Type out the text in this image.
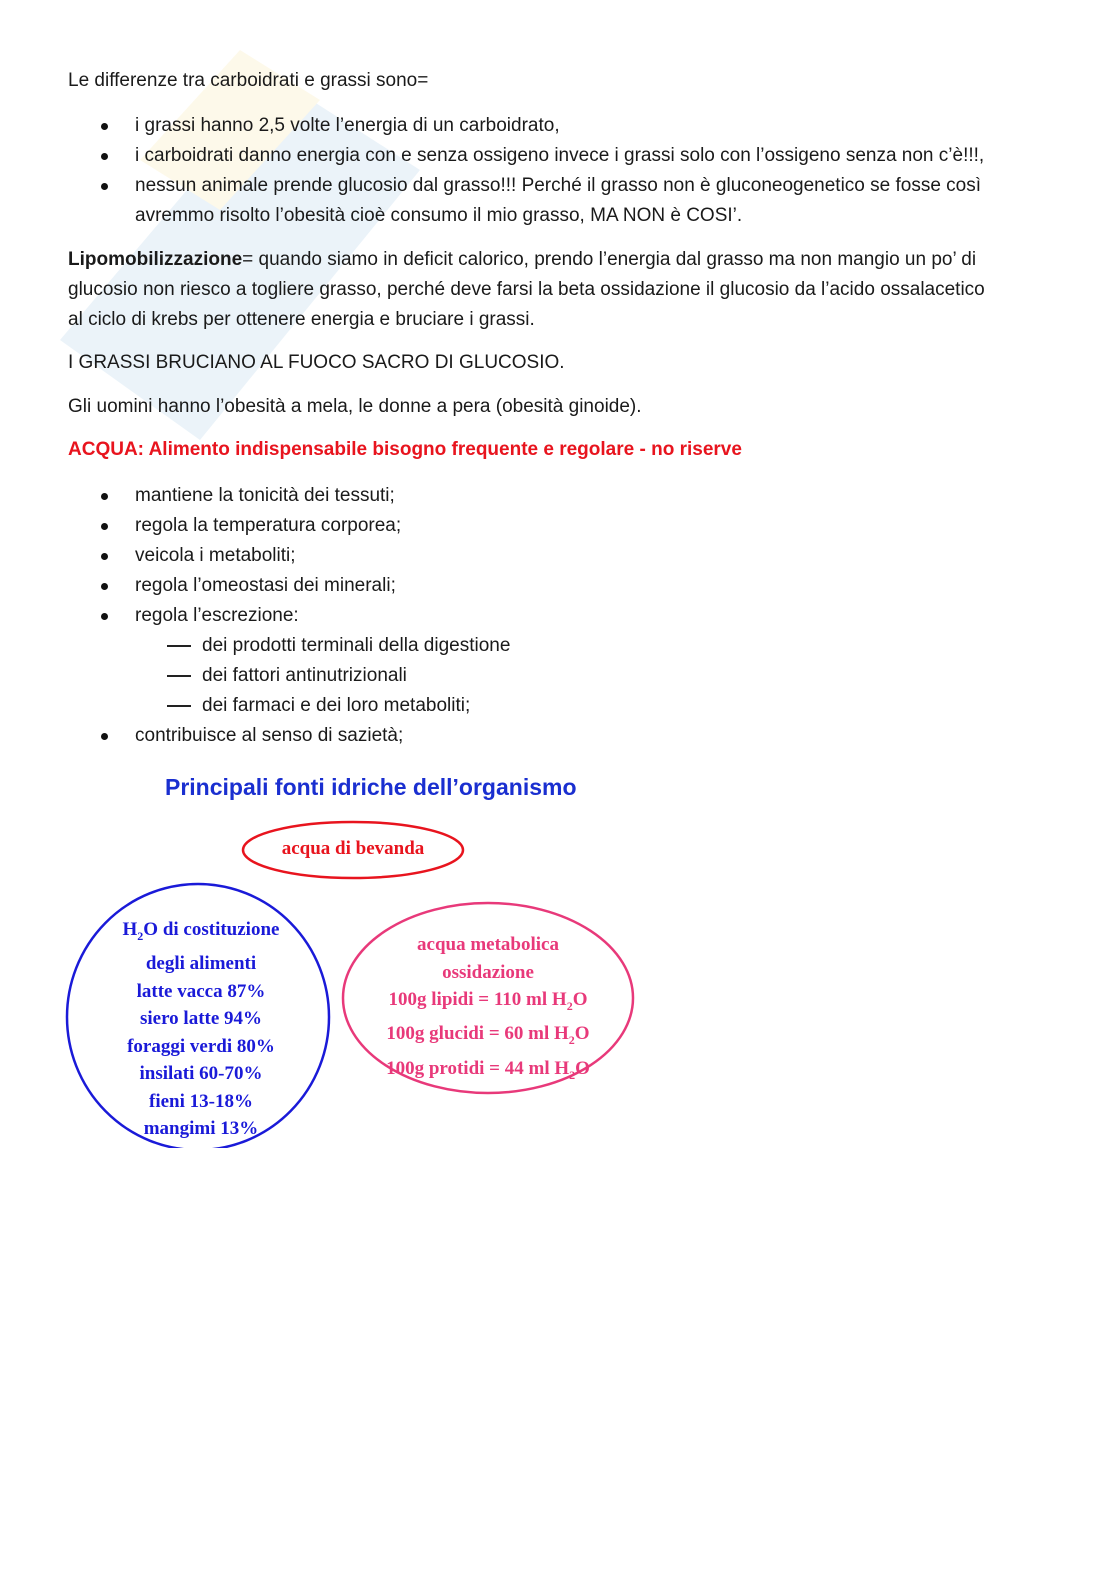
Le differenze tra carboidrati e grassi sono=

i grassi hanno 2,5 volte l’energia di un carboidrato,
i carboidrati danno energia con e senza ossigeno invece i grassi solo con l’ossigeno senza non c’è!!!,
nessun animale prende glucosio dal grasso!!! Perché il grasso non è gluconeogenetico se fosse così
avremmo risolto l’obesità cioè consumo il mio grasso, MA NON è COSI’.

Lipomobilizzazione= quando siamo in deficit calorico, prendo l’energia dal grasso ma non mangio un po’ di
glucosio non riesco a togliere grasso, perché deve farsi la beta ossidazione il glucosio da l’acido ossalacetico
al ciclo di krebs per ottenere energia e bruciare i grassi.

I GRASSI BRUCIANO AL FUOCO SACRO DI GLUCOSIO.

Gli uomini hanno l’obesità a mela, le donne a pera (obesità ginoide).

ACQUA: Alimento indispensabile bisogno frequente e regolare - no riserve

mantiene la tonicità dei tessuti;
regola la temperatura corporea;
veicola i metaboliti;
regola l’omeostasi dei minerali;
regola l’escrezione:
dei prodotti terminali della digestione
dei fattori antinutrizionali
dei farmaci e dei loro metaboliti;
contribuisce al senso di sazietà;
Principali fonti idriche dell’organismo
acqua di bevanda
$H_2O$ di costituzione
degli alimenti
latte vacca 87%
siero latte 94%
foraggi verdi 80%
insilati 60-70%
fieni 13-18%
mangimi 13%
acqua metabolica
ossidazione
100g lipidi = 110 ml $H_2O$
100g glucidi = 60 ml $H_2O$
100g protidi = 44 ml $H_2O$
